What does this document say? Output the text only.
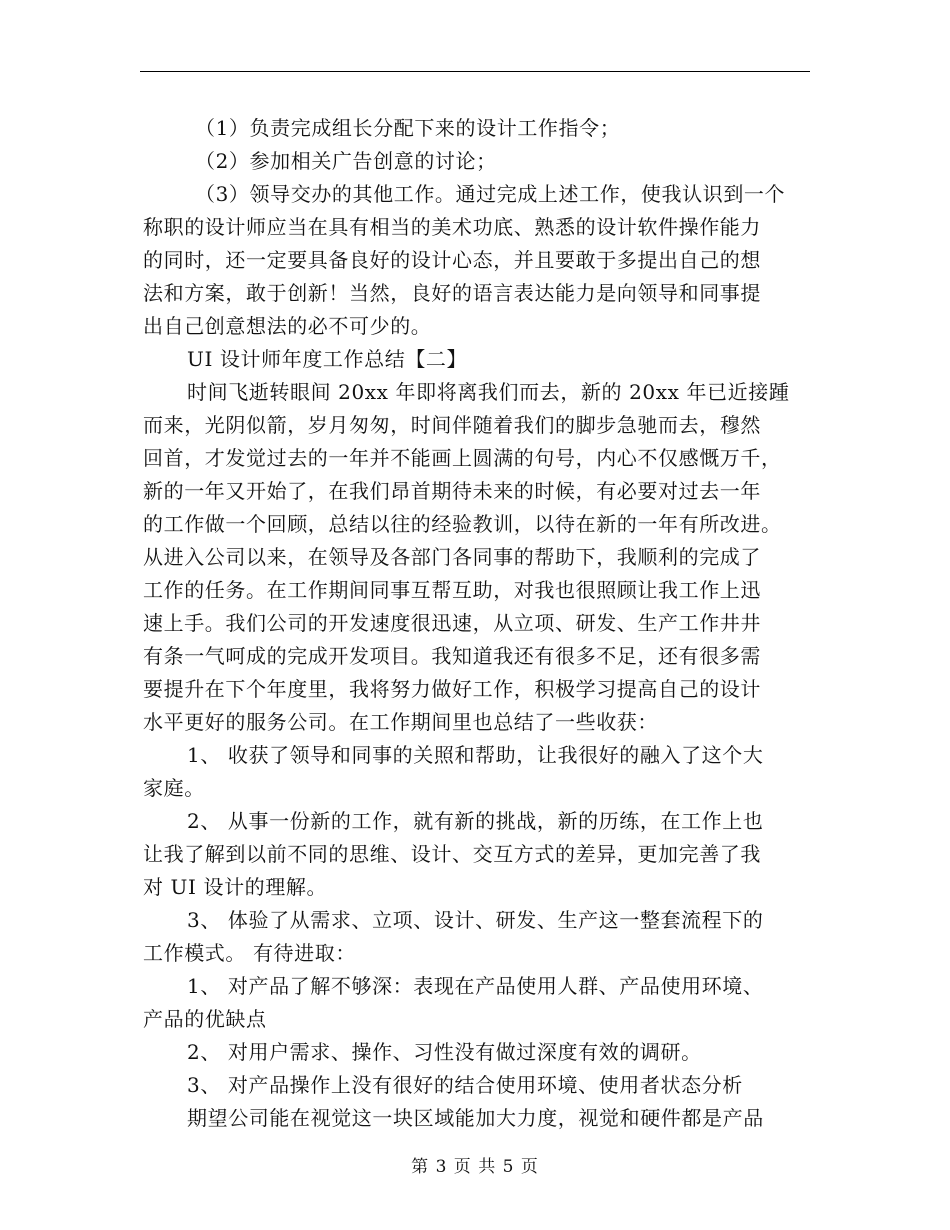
（1）负责完成组长分配下来的设计工作指令；

（2）参加相关广告创意的讨论；

（3）领导交办的其他工作。通过完成上述工作，使我认识到一个

称职的设计师应当在具有相当的美术功底、熟悉的设计软件操作能力

的同时，还一定要具备良好的设计心态，并且要敢于多提出自己的想

法和方案，敢于创新！当然，良好的语言表达能力是向领导和同事提

出自己创意想法的必不可少的。

UI 设计师年度工作总结【二】

时间飞逝转眼间 20xx 年即将离我们而去，新的 20xx 年已近接踵

而来，光阴似箭，岁月匆匆，时间伴随着我们的脚步急驰而去，穆然

回首，才发觉过去的一年并不能画上圆满的句号，内心不仅感慨万千，

新的一年又开始了，在我们昂首期待未来的时候，有必要对过去一年

的工作做一个回顾，总结以往的经验教训，以待在新的一年有所改进。

从进入公司以来，在领导及各部门各同事的帮助下，我顺利的完成了

工作的任务。在工作期间同事互帮互助，对我也很照顾让我工作上迅

速上手。我们公司的开发速度很迅速，从立项、研发、生产工作井井

有条一气呵成的完成开发项目。我知道我还有很多不足，还有很多需

要提升在下个年度里，我将努力做好工作，积极学习提高自己的设计

水平更好的服务公司。在工作期间里也总结了一些收获：

1、 收获了领导和同事的关照和帮助，让我很好的融入了这个大

家庭。

2、 从事一份新的工作，就有新的挑战，新的历练，在工作上也

让我了解到以前不同的思维、设计、交互方式的差异，更加完善了我

对 UI 设计的理解。

3、 体验了从需求、立项、设计、研发、生产这一整套流程下的

工作模式。 有待进取：

1、 对产品了解不够深：表现在产品使用人群、产品使用环境、

产品的优缺点

2、 对用户需求、操作、习性没有做过深度有效的调研。

3、 对产品操作上没有很好的结合使用环境、使用者状态分析

期望公司能在视觉这一块区域能加大力度，视觉和硬件都是产品

第 3 页 共 5 页
